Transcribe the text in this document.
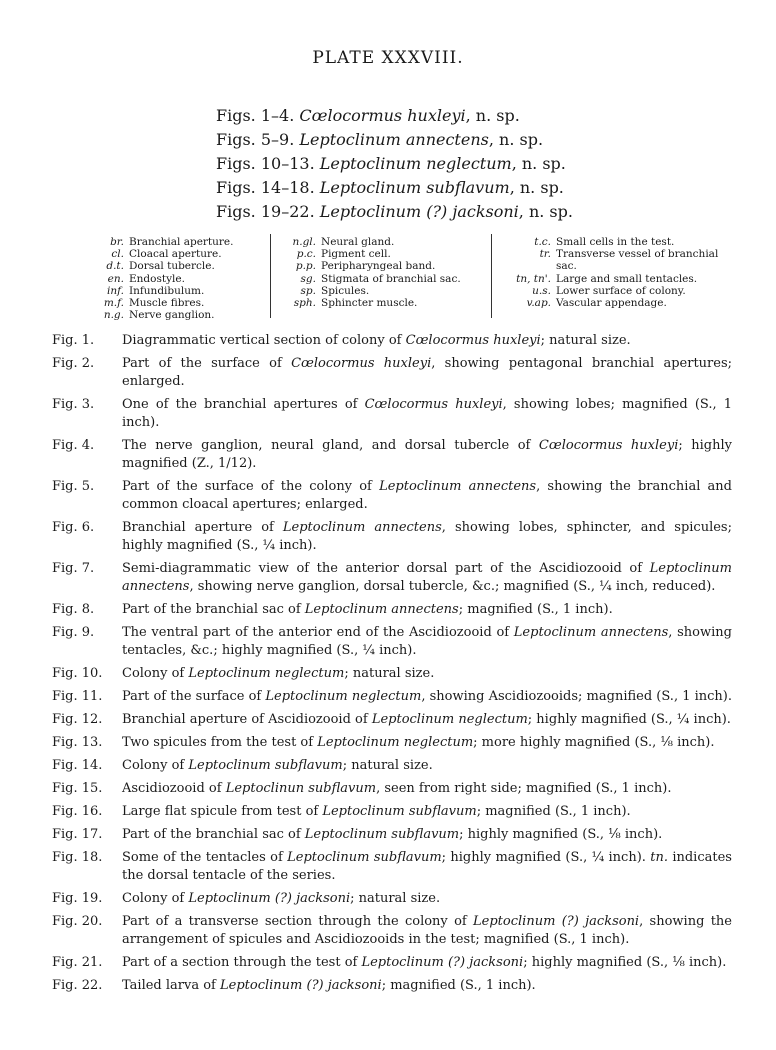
PLATE XXXVIII.
Figs. 1–4. Cœlocormus huxleyi, n. sp.
Figs. 5–9. Leptoclinum annectens, n. sp.
Figs. 10–13. Leptoclinum neglectum, n. sp.
Figs. 14–18. Leptoclinum subflavum, n. sp.
Figs. 19–22. Leptoclinum (?) jacksoni, n. sp.
br. Branchial aperture.
cl. Cloacal aperture.
d.t. Dorsal tubercle.
en. Endostyle.
inf. Infundibulum.
m.f. Muscle fibres.
n.g. Nerve ganglion.
n.gl. Neural gland.
p.c. Pigment cell.
p.p. Peripharyngeal band.
sg. Stigmata of branchial sac.
sp. Spicules.
sph. Sphincter muscle.
t.c. Small cells in the test.
tr. Transverse vessel of branchial sac.
tn, tn'. Large and small tentacles.
u.s. Lower surface of colony.
v.ap. Vascular appendage.
Fig. 1.	Diagrammatic vertical section of colony of Cœlocormus huxleyi; natural size.
Fig. 2.	Part of the surface of Cœlocormus huxleyi, showing pentagonal branchial apertures; enlarged.
Fig. 3.	One of the branchial apertures of Cœlocormus huxleyi, showing lobes; magnified (S., 1 inch).
Fig. 4.	The nerve ganglion, neural gland, and dorsal tubercle of Cœlocormus huxleyi; highly magnified (Z., 1/12).
Fig. 5.	Part of the surface of the colony of Leptoclinum annectens, showing the branchial and common cloacal apertures; enlarged.
Fig. 6.	Branchial aperture of Leptoclinum annectens, showing lobes, sphincter, and spicules; highly magnified (S., ¼ inch).
Fig. 7.	Semi-diagrammatic view of the anterior dorsal part of the Ascidiozooid of Leptoclinum annectens, showing nerve ganglion, dorsal tubercle, &c.; magnified (S., ¼ inch, reduced).
Fig. 8.	Part of the branchial sac of Leptoclinum annectens; magnified (S., 1 inch).
Fig. 9.	The ventral part of the anterior end of the Ascidiozooid of Leptoclinum annectens, showing tentacles, &c.; highly magnified (S., ¼ inch).
Fig. 10.	Colony of Leptoclinum neglectum; natural size.
Fig. 11.	Part of the surface of Leptoclinum neglectum, showing Ascidiozooids; magnified (S., 1 inch).
Fig. 12.	Branchial aperture of Ascidiozooid of Leptoclinum neglectum; highly magnified (S., ¼ inch).
Fig. 13.	Two spicules from the test of Leptoclinum neglectum; more highly magnified (S., ⅛ inch).
Fig. 14.	Colony of Leptoclinum subflavum; natural size.
Fig. 15.	Ascidiozooid of Leptoclinun subflavum, seen from right side; magnified (S., 1 inch).
Fig. 16.	Large flat spicule from test of Leptoclinum subflavum; magnified (S., 1 inch).
Fig. 17.	Part of the branchial sac of Leptoclinum subflavum; highly magnified (S., ⅛ inch).
Fig. 18.	Some of the tentacles of Leptoclinum subflavum; highly magnified (S., ¼ inch). tn. indicates the dorsal tentacle of the series.
Fig. 19.	Colony of Leptoclinum (?) jacksoni; natural size.
Fig. 20.	Part of a transverse section through the colony of Leptoclinum (?) jacksoni, showing the arrangement of spicules and Ascidiozooids in the test; magnified (S., 1 inch).
Fig. 21.	Part of a section through the test of Leptoclinum (?) jacksoni; highly magnified (S., ⅛ inch).
Fig. 22.	Tailed larva of Leptoclinum (?) jacksoni; magnified (S., 1 inch).
